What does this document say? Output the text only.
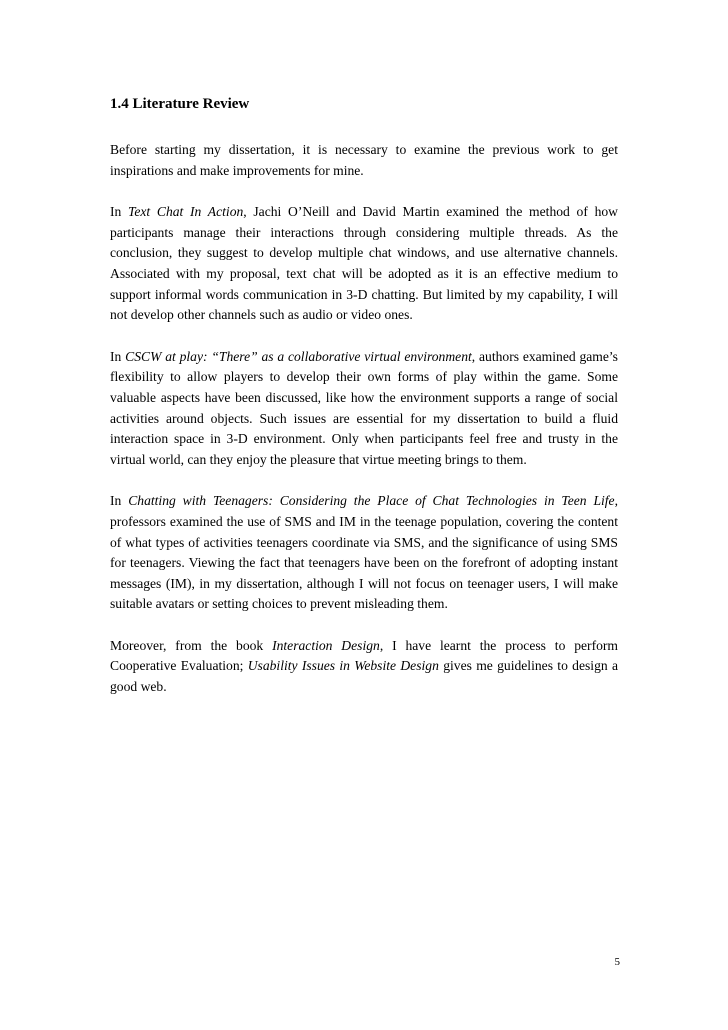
1.4 Literature Review

Before starting my dissertation, it is necessary to examine the previous work to get inspirations and make improvements for mine.

In Text Chat In Action, Jachi O’Neill and David Martin examined the method of how participants manage their interactions through considering multiple threads. As the conclusion, they suggest to develop multiple chat windows, and use alternative channels. Associated with my proposal, text chat will be adopted as it is an effective medium to support informal words communication in 3-D chatting. But limited by my capability, I will not develop other channels such as audio or video ones.

In CSCW at play: “There” as a collaborative virtual environment, authors examined game’s flexibility to allow players to develop their own forms of play within the game. Some valuable aspects have been discussed, like how the environment supports a range of social activities around objects. Such issues are essential for my dissertation to build a fluid interaction space in 3-D environment. Only when participants feel free and trusty in the virtual world, can they enjoy the pleasure that virtue meeting brings to them.

In Chatting with Teenagers: Considering the Place of Chat Technologies in Teen Life, professors examined the use of SMS and IM in the teenage population, covering the content of what types of activities teenagers coordinate via SMS, and the significance of using SMS for teenagers. Viewing the fact that teenagers have been on the forefront of adopting instant messages (IM), in my dissertation, although I will not focus on teenager users, I will make suitable avatars or setting choices to prevent misleading them.

Moreover, from the book Interaction Design, I have learnt the process to perform Cooperative Evaluation; Usability Issues in Website Design gives me guidelines to design a good web.

5
